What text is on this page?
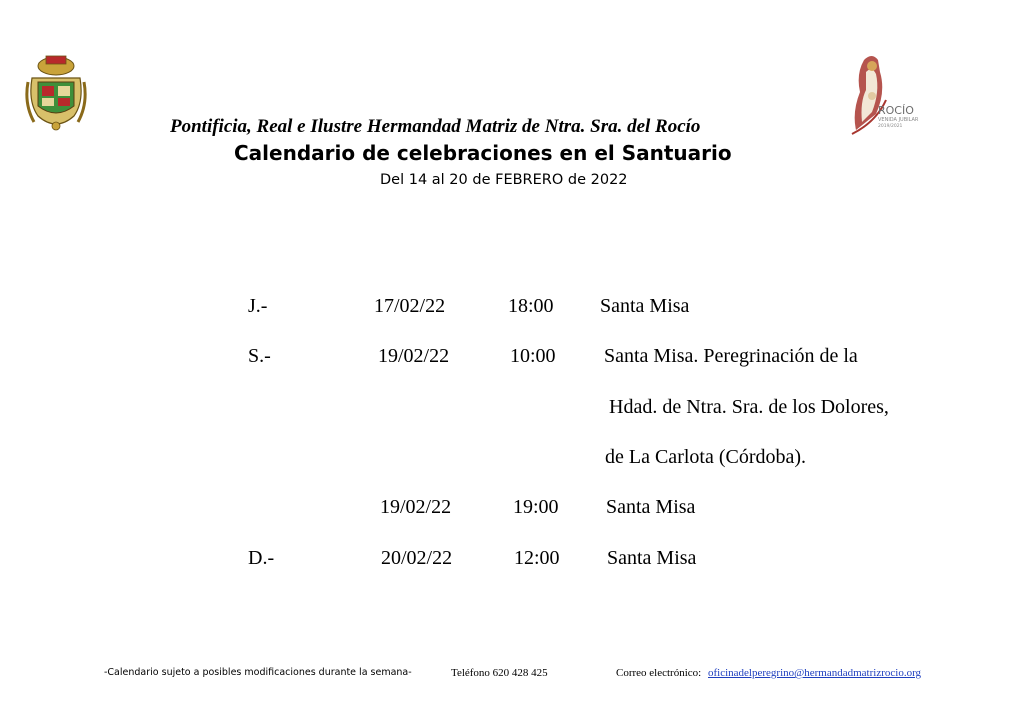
ROCÍO
VENIDA JUBILAR
2019/2021
Pontificia, Real e Ilustre Hermandad Matriz de Ntra. Sra. del Rocío
Calendario de celebraciones en el Santuario
Del 14 al 20 de FEBRERO de 2022
J.-	17/02/22	18:00 Santa Misa
S.-	19/02/22	10:00 Santa Misa. Peregrinación de la
Hdad. de Ntra. Sra. de los Dolores,
de La Carlota (Córdoba).
19/02/22	19:00 Santa Misa
D.-	20/02/22	12:00 Santa Misa
-Calendario sujeto a posibles modificaciones durante la semana-	Teléfono 620 428 425	Correo electrónico: oficinadelperegrino@hermandadmatrizrocio.org
